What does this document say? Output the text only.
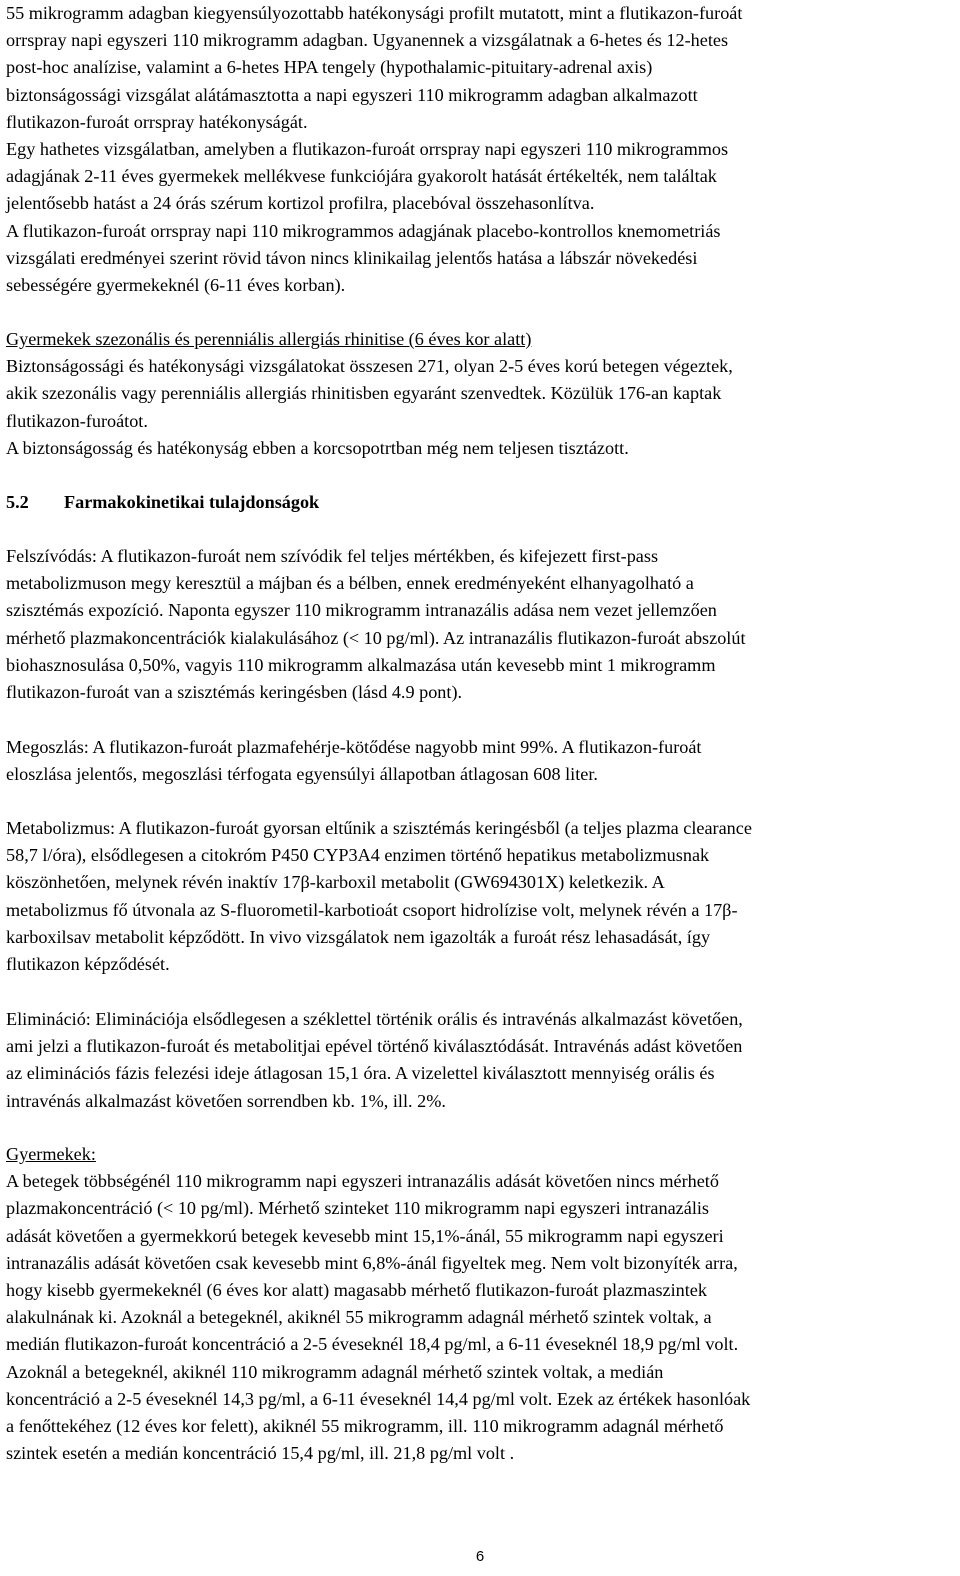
55 mikrogramm adagban kiegyensúlyozottabb hatékonysági profilt mutatott, mint a flutikazon-furoát
orrspray napi egyszeri 110 mikrogramm adagban. Ugyanennek a vizsgálatnak a 6-hetes és 12-hetes
post-hoc analízise, valamint a 6-hetes HPA tengely (hypothalamic-pituitary-adrenal axis)
biztonságossági vizsgálat alátámasztotta a napi egyszeri 110 mikrogramm adagban alkalmazott
flutikazon-furoát orrspray hatékonyságát.

Egy hathetes vizsgálatban, amelyben a flutikazon-furoát orrspray napi egyszeri 110 mikrogrammos
adagjának 2-11 éves gyermekek mellékvese funkciójára gyakorolt hatását értékelték, nem találtak
jelentősebb hatást a 24 órás szérum kortizol profilra, placebóval összehasonlítva.

A flutikazon-furoát orrspray napi 110 mikrogrammos adagjának placebo-kontrollos knemometriás
vizsgálati eredményei szerint rövid távon nincs klinikailag jelentős hatása a lábszár növekedési
sebességére gyermekeknél (6-11 éves korban).

Gyermekek szezonális és perenniális allergiás rhinitise (6 éves kor alatt)
Biztonságossági és hatékonysági vizsgálatokat összesen 271, olyan 2-5 éves korú betegen végeztek,
akik szezonális vagy perenniális allergiás rhinitisben egyaránt szenvedtek. Közülük 176-an kaptak
flutikazon-furoátot.
A biztonságosság és hatékonyság ebben a korcsopotrtban még nem teljesen tisztázott.

5.2	Farmakokinetikai tulajdonságok

Felszívódás: A flutikazon-furoát nem szívódik fel teljes mértékben, és kifejezett first-pass
metabolizmuson megy keresztül a májban és a bélben, ennek eredményeként elhanyagolható a
szisztémás expozíció. Naponta egyszer 110 mikrogramm intranazális adása nem vezet jellemzően
mérhető plazmakoncentrációk kialakulásához (< 10 pg/ml). Az intranazális flutikazon-furoát abszolút
biohasznosulása 0,50%, vagyis 110 mikrogramm alkalmazása után kevesebb mint 1 mikrogramm
flutikazon-furoát van a szisztémás keringésben (lásd 4.9 pont).

Megoszlás: A flutikazon-furoát plazmafehérje-kötődése nagyobb mint 99%. A flutikazon-furoát
eloszlása jelentős, megoszlási térfogata egyensúlyi állapotban átlagosan 608 liter.

Metabolizmus: A flutikazon-furoát gyorsan eltűnik a szisztémás keringésből (a teljes plazma clearance
58,7 l/óra), elsődlegesen a citokróm P450 CYP3A4 enzimen történő hepatikus metabolizmusnak
köszönhetően, melynek révén inaktív 17β-karboxil metabolit (GW694301X) keletkezik. A
metabolizmus fő útvonala az S-fluorometil-karbotioát csoport hidrolízise volt, melynek révén a 17β-
karboxilsav metabolit képződött. In vivo vizsgálatok nem igazolták a furoát rész lehasadását, így
flutikazon képződését.

Elimináció: Eliminációja elsődlegesen a széklettel történik orális és intravénás alkalmazást követően,
ami jelzi a flutikazon-furoát és metabolitjai epével történő kiválasztódását. Intravénás adást követően
az eliminációs fázis felezési ideje átlagosan 15,1 óra. A vizelettel kiválasztott mennyiség orális és
intravénás alkalmazást követően sorrendben kb. 1%, ill. 2%.

Gyermekek:
A betegek többségénél 110 mikrogramm napi egyszeri intranazális adását követően nincs mérhető
plazmakoncentráció (< 10 pg/ml). Mérhető szinteket 110 mikrogramm napi egyszeri intranazális
adását követően a gyermekkorú betegek kevesebb mint 15,1%-ánál, 55 mikrogramm napi egyszeri
intranazális adását követően csak kevesebb mint 6,8%-ánál figyeltek meg. Nem volt bizonyíték arra,
hogy kisebb gyermekeknél (6 éves kor alatt) magasabb mérhető flutikazon-furoát plazmaszintek
alakulnának ki. Azoknál a betegeknél, akiknél 55 mikrogramm adagnál mérhető szintek voltak, a
medián flutikazon-furoát koncentráció a 2-5 éveseknél 18,4 pg/ml, a 6-11 éveseknél 18,9 pg/ml volt.
Azoknál a betegeknél, akiknél 110 mikrogramm adagnál mérhető szintek voltak, a medián
koncentráció a 2-5 éveseknél 14,3 pg/ml, a 6-11 éveseknél 14,4 pg/ml volt. Ezek az értékek hasonlóak
a fenőttekéhez (12 éves kor felett), akiknél 55 mikrogramm, ill. 110 mikrogramm adagnál mérhető
szintek esetén a medián koncentráció 15,4 pg/ml, ill. 21,8 pg/ml volt .

6
